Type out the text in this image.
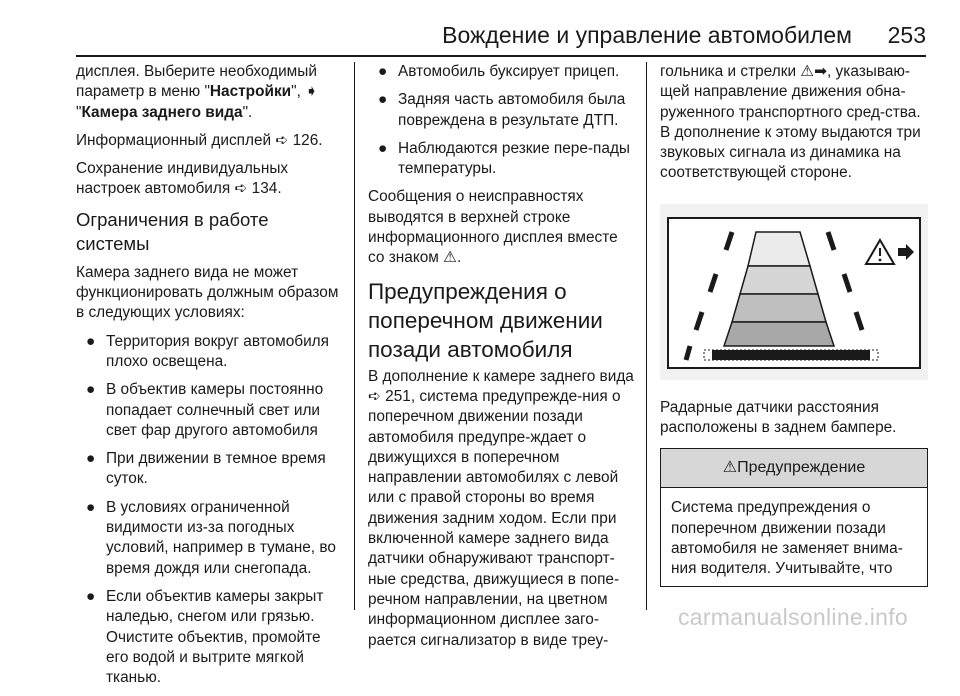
Вождение и управление автомобилем 253

дисплея. Выберите необходимый параметр в меню "Настройки", ➧ "Камера заднего вида".

Информационный дисплей ➪ 126.

Сохранение индивидуальных настроек автомобиля ➪ 134.

Ограничения в работе системы

Камера заднего вида не может функционировать должным образом в следующих условиях:

● Территория вокруг автомобиля плохо освещена.
● В объектив камеры постоянно попадает солнечный свет или свет фар другого автомобиля
● При движении в темное время суток.
● В условиях ограниченной видимости из-за погодных условий, например в тумане, во время дождя или снегопада.
● Если объектив камеры закрыт наледью, снегом или грязью. Очистите объектив, промойте его водой и вытрите мягкой тканью.
● Автомобиль буксирует прицеп.
● Задняя часть автомобиля была повреждена в результате ДТП.
● Наблюдаются резкие пере-пады температуры.

Сообщения о неисправностях выводятся в верхней строке информационного дисплея вместе со знаком ⚠.

Предупреждения о поперечном движении позади автомобиля

В дополнение к камере заднего вида ➪ 251, система предупрежде-ния о поперечном движении позади автомобиля предупре-ждает о движущихся в поперечном направлении автомобилях с левой или с правой стороны во время движения задним ходом. Если при включенной камере заднего вида датчики обнаруживают транспорт-ные средства, движущиеся в попе-речном направлении, на цветном информационном дисплее заго-рается сигнализатор в виде треу-

гольника и стрелки ⚠➡, указываю-щей направление движения обна-руженного транспортного сред-ства. В дополнение к этому выдаются три звуковых сигнала из динамика на соответствующей стороне.

Радарные датчики расстояния расположены в заднем бампере.

⚠Предупреждение
Система предупреждения о поперечном движении позади автомобиля не заменяет внима-ния водителя. Учитывайте, что
carmanualsonline.info
